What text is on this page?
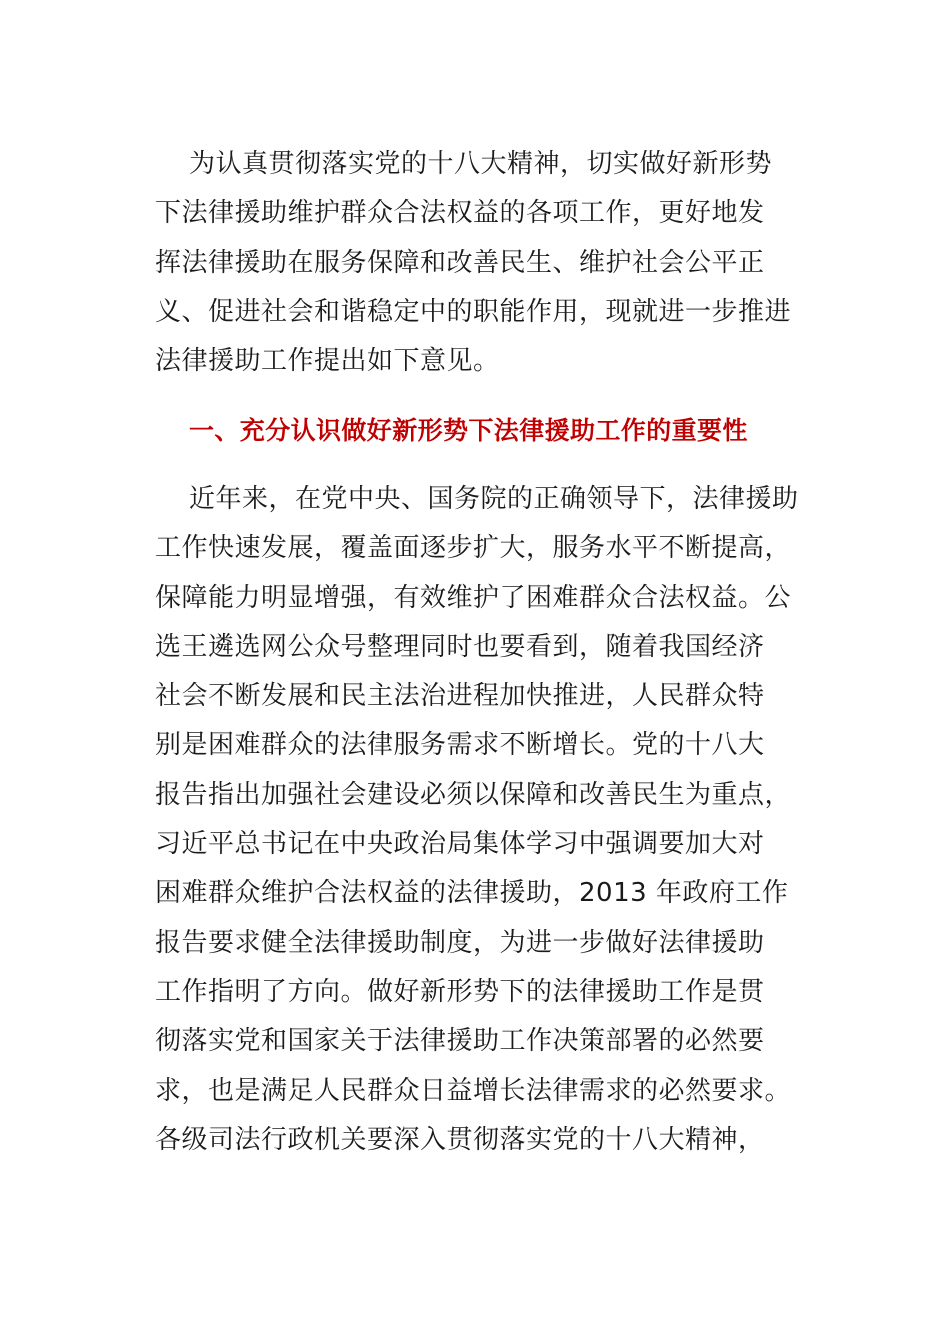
为认真贯彻落实党的十八大精神，切实做好新形势
下法律援助维护群众合法权益的各项工作，更好地发
挥法律援助在服务保障和改善民生、维护社会公平正
义、促进社会和谐稳定中的职能作用，现就进一步推进
法律援助工作提出如下意见。
一、充分认识做好新形势下法律援助工作的重要性
近年来，在党中央、国务院的正确领导下，法律援助
工作快速发展，覆盖面逐步扩大，服务水平不断提高，
保障能力明显增强，有效维护了困难群众合法权益。公
选王遴选网公众号整理同时也要看到，随着我国经济
社会不断发展和民主法治进程加快推进，人民群众特
别是困难群众的法律服务需求不断增长。党的十八大
报告指出加强社会建设必须以保障和改善民生为重点，
习近平总书记在中央政治局集体学习中强调要加大对
困难群众维护合法权益的法律援助，2013 年政府工作
报告要求健全法律援助制度，为进一步做好法律援助
工作指明了方向。做好新形势下的法律援助工作是贯
彻落实党和国家关于法律援助工作决策部署的必然要
求，也是满足人民群众日益增长法律需求的必然要求。
各级司法行政机关要深入贯彻落实党的十八大精神，
